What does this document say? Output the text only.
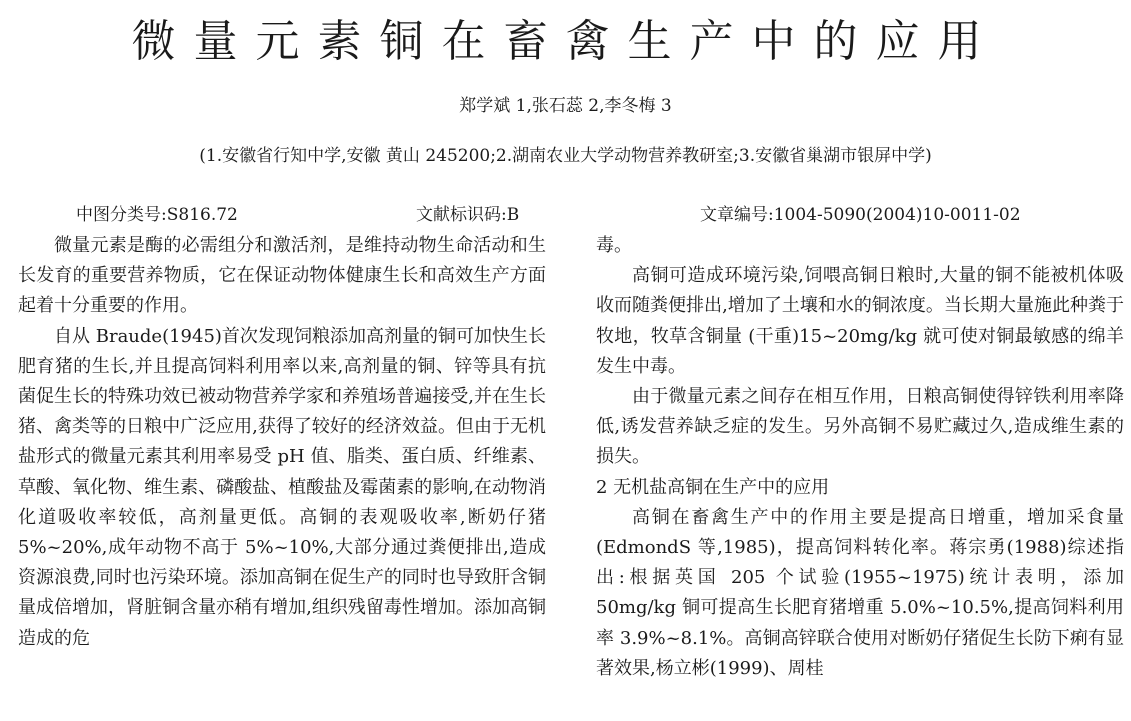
微量元素铜在畜禽生产中的应用
郑学斌 1,张石蕊 2,李冬梅 3
(1.安徽省行知中学,安徽 黄山 245200;2.湖南农业大学动物营养教研室;3.安徽省巢湖市银屏中学)
中图分类号:S816.72	文献标识码:B	文章编号:1004-5090(2004)10-0011-02

微量元素是酶的必需组分和激活剂，是维持动物生命活动和生长发育的重要营养物质，它在保证动物体健康生长和高效生产方面起着十分重要的作用。

自从 Braude(1945)首次发现饲粮添加高剂量的铜可加快生长肥育猪的生长,并且提高饲料利用率以来,高剂量的铜、锌等具有抗菌促生长的特殊功效已被动物营养学家和养殖场普遍接受,并在生长猪、禽类等的日粮中广泛应用,获得了较好的经济效益。但由于无机盐形式的微量元素其利用率易受 pH 值、脂类、蛋白质、纤维素、草酸、氧化物、维生素、磷酸盐、植酸盐及霉菌素的影响,在动物消化道吸收率较低，高剂量更低。高铜的表观吸收率,断奶仔猪 5%~20%,成年动物不高于 5%~10%,大部分通过粪便排出,造成资源浪费,同时也污染环境。添加高铜在促生产的同时也导致肝含铜量成倍增加，肾脏铜含量亦稍有增加,组织残留毒性增加。添加高铜造成的危

毒。

高铜可造成环境污染,饲喂高铜日粮时,大量的铜不能被机体吸收而随粪便排出,增加了土壤和水的铜浓度。当长期大量施此种粪于牧地，牧草含铜量 (干重)15~20mg/kg 就可使对铜最敏感的绵羊发生中毒。

由于微量元素之间存在相互作用，日粮高铜使得锌铁利用率降低,诱发营养缺乏症的发生。另外高铜不易贮藏过久,造成维生素的损失。

2 无机盐高铜在生产中的应用

高铜在畜禽生产中的作用主要是提高日增重，增加采食量 (EdmondS 等,1985)，提高饲料转化率。蒋宗勇(1988)综述指出:根据英国 205 个试验(1955~1975)统计表明，添加 50mg/kg 铜可提高生长肥育猪增重 5.0%~10.5%,提高饲料利用率 3.9%~8.1%。高铜高锌联合使用对断奶仔猪促生长防下痢有显著效果,杨立彬(1999)、周桂
